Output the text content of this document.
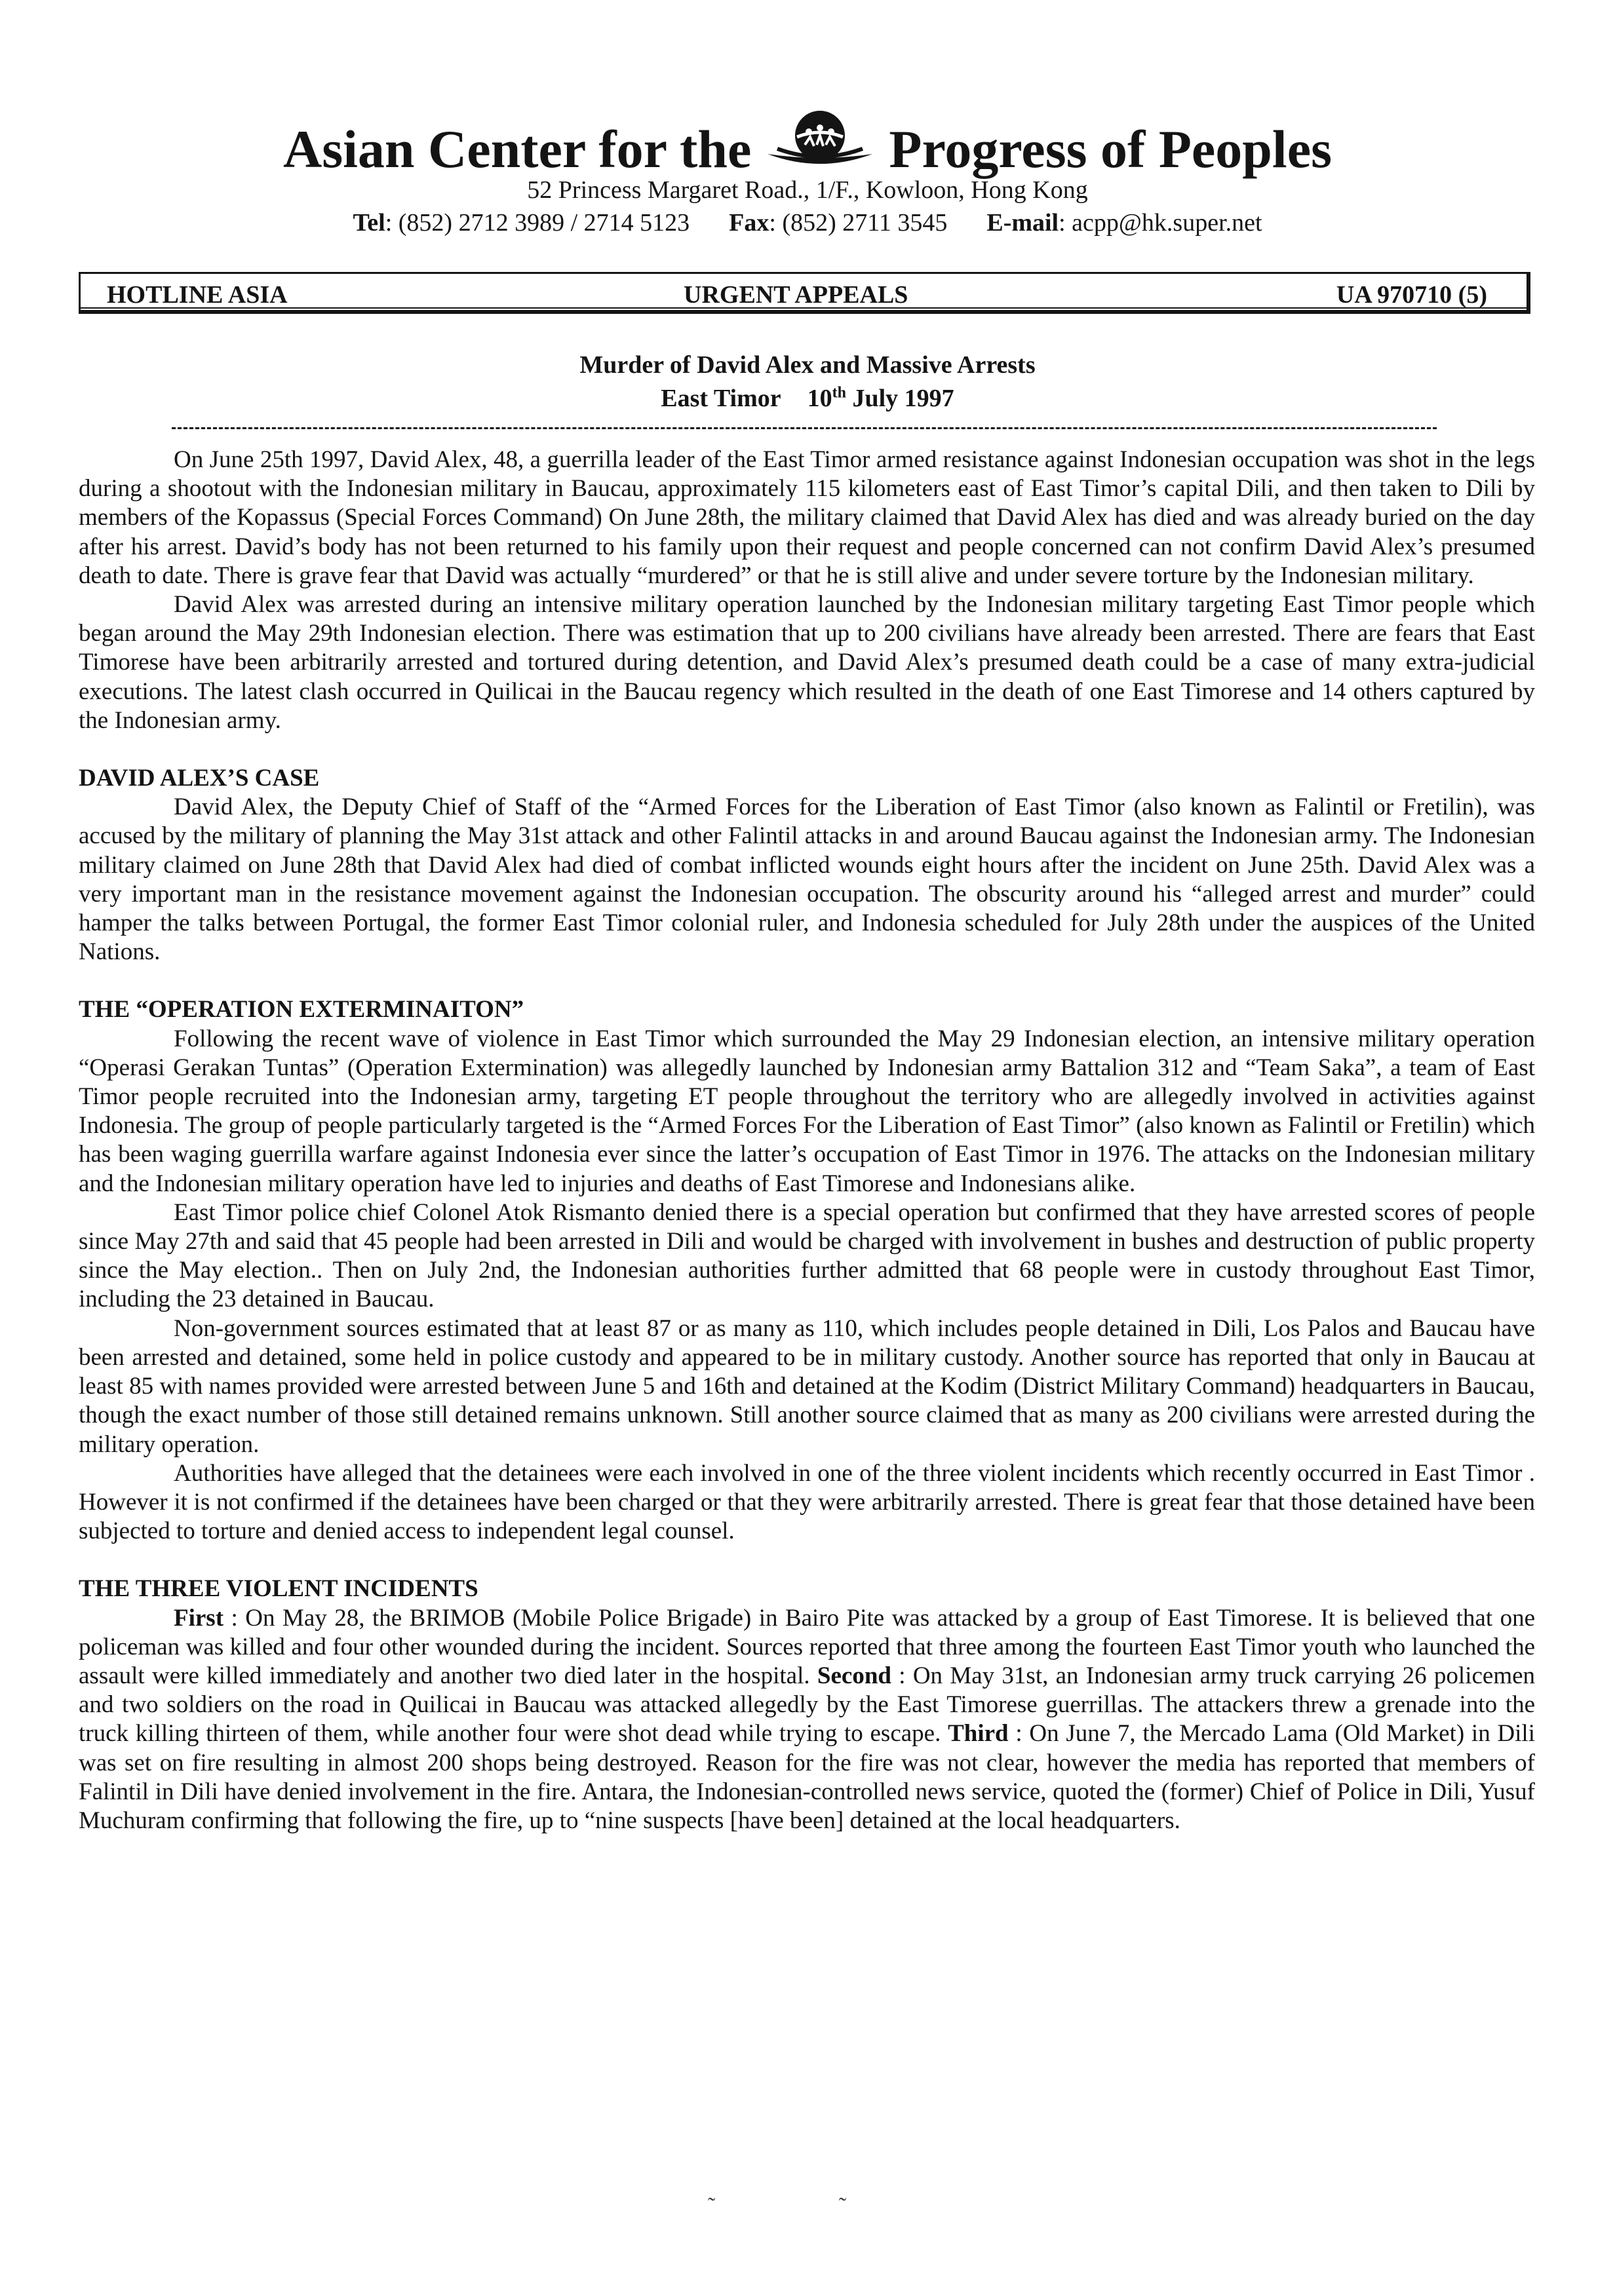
Asian Center for the	Progress of Peoples
52 Princess Margaret Road., 1/F., Kowloon, Hong Kong
Tel: (852) 2712 3989 / 2714 5123 Fax: (852) 2711 3545 E-mail: acpp@hk.super.net
HOTLINE ASIA	URGENT APPEALS	UA 970710 (5)
Murder of David Alex and Massive Arrests
East Timor 10th July 1997

On June 25th 1997, David Alex, 48, a guerrilla leader of the East Timor armed resistance against Indonesian occupation was shot in the legs during a shootout with the Indonesian military in Baucau, approximately 115 kilometers east of East Timor’s capital Dili, and then taken to Dili by members of the Kopassus (Special Forces Command) On June 28th, the military claimed that David Alex has died and was already buried on the day after his arrest. David’s body has not been returned to his family upon their request and people concerned can not confirm David Alex’s presumed death to date. There is grave fear that David was actually “murdered” or that he is still alive and under severe torture by the Indonesian military.

David Alex was arrested during an intensive military operation launched by the Indonesian military targeting East Timor people which began around the May 29th Indonesian election. There was estimation that up to 200 civilians have already been arrested. There are fears that East Timorese have been arbitrarily arrested and tortured during detention, and David Alex’s presumed death could be a case of many extra-judicial executions. The latest clash occurred in Quilicai in the Baucau regency which resulted in the death of one East Timorese and 14 others captured by the Indonesian army.

DAVID ALEX’S CASE

David Alex, the Deputy Chief of Staff of the “Armed Forces for the Liberation of East Timor (also known as Falintil or Fretilin), was accused by the military of planning the May 31st attack and other Falintil attacks in and around Baucau against the Indonesian army. The Indonesian military claimed on June 28th that David Alex had died of combat inflicted wounds eight hours after the incident on June 25th. David Alex was a very important man in the resistance movement against the Indonesian occupation. The obscurity around his “alleged arrest and murder” could hamper the talks between Portugal, the former East Timor colonial ruler, and Indonesia scheduled for July 28th under the auspices of the United Nations.

THE “OPERATION EXTERMINAITON”

Following the recent wave of violence in East Timor which surrounded the May 29 Indonesian election, an intensive military operation “Operasi Gerakan Tuntas” (Operation Extermination) was allegedly launched by Indonesian army Battalion 312 and “Team Saka”, a team of East Timor people recruited into the Indonesian army, targeting ET people throughout the territory who are allegedly involved in activities against Indonesia. The group of people particularly targeted is the “Armed Forces For the Liberation of East Timor” (also known as Falintil or Fretilin) which has been waging guerrilla warfare against Indonesia ever since the latter’s occupation of East Timor in 1976. The attacks on the Indonesian military and the Indonesian military operation have led to injuries and deaths of East Timorese and Indonesians alike.

East Timor police chief Colonel Atok Rismanto denied there is a special operation but confirmed that they have arrested scores of people since May 27th and said that 45 people had been arrested in Dili and would be charged with involvement in bushes and destruction of public property since the May election.. Then on July 2nd, the Indonesian authorities further admitted that 68 people were in custody throughout East Timor, including the 23 detained in Baucau.

Non-government sources estimated that at least 87 or as many as 110, which includes people detained in Dili, Los Palos and Baucau have been arrested and detained, some held in police custody and appeared to be in military custody. Another source has reported that only in Baucau at least 85 with names provided were arrested between June 5 and 16th and detained at the Kodim (District Military Command) headquarters in Baucau, though the exact number of those still detained remains unknown. Still another source claimed that as many as 200 civilians were arrested during the military operation.

Authorities have alleged that the detainees were each involved in one of the three violent incidents which recently occurred in East Timor . However it is not confirmed if the detainees have been charged or that they were arbitrarily arrested. There is great fear that those detained have been subjected to torture and denied access to independent legal counsel.

THE THREE VIOLENT INCIDENTS

First : On May 28, the BRIMOB (Mobile Police Brigade) in Bairo Pite was attacked by a group of East Timorese. It is believed that one policeman was killed and four other wounded during the incident. Sources reported that three among the fourteen East Timor youth who launched the assault were killed immediately and another two died later in the hospital. Second : On May 31st, an Indonesian army truck carrying 26 policemen and two soldiers on the road in Quilicai in Baucau was attacked allegedly by the East Timorese guerrillas. The attackers threw a grenade into the truck killing thirteen of them, while another four were shot dead while trying to escape. Third : On June 7, the Mercado Lama (Old Market) in Dili was set on fire resulting in almost 200 shops being destroyed. Reason for the fire was not clear, however the media has reported that members of Falintil in Dili have denied involvement in the fire. Antara, the Indonesian-controlled news service, quoted the (former) Chief of Police in Dili, Yusuf Muchuram confirming that following the fire, up to “nine suspects [have been] detained at the local headquarters.

˜ ˜
